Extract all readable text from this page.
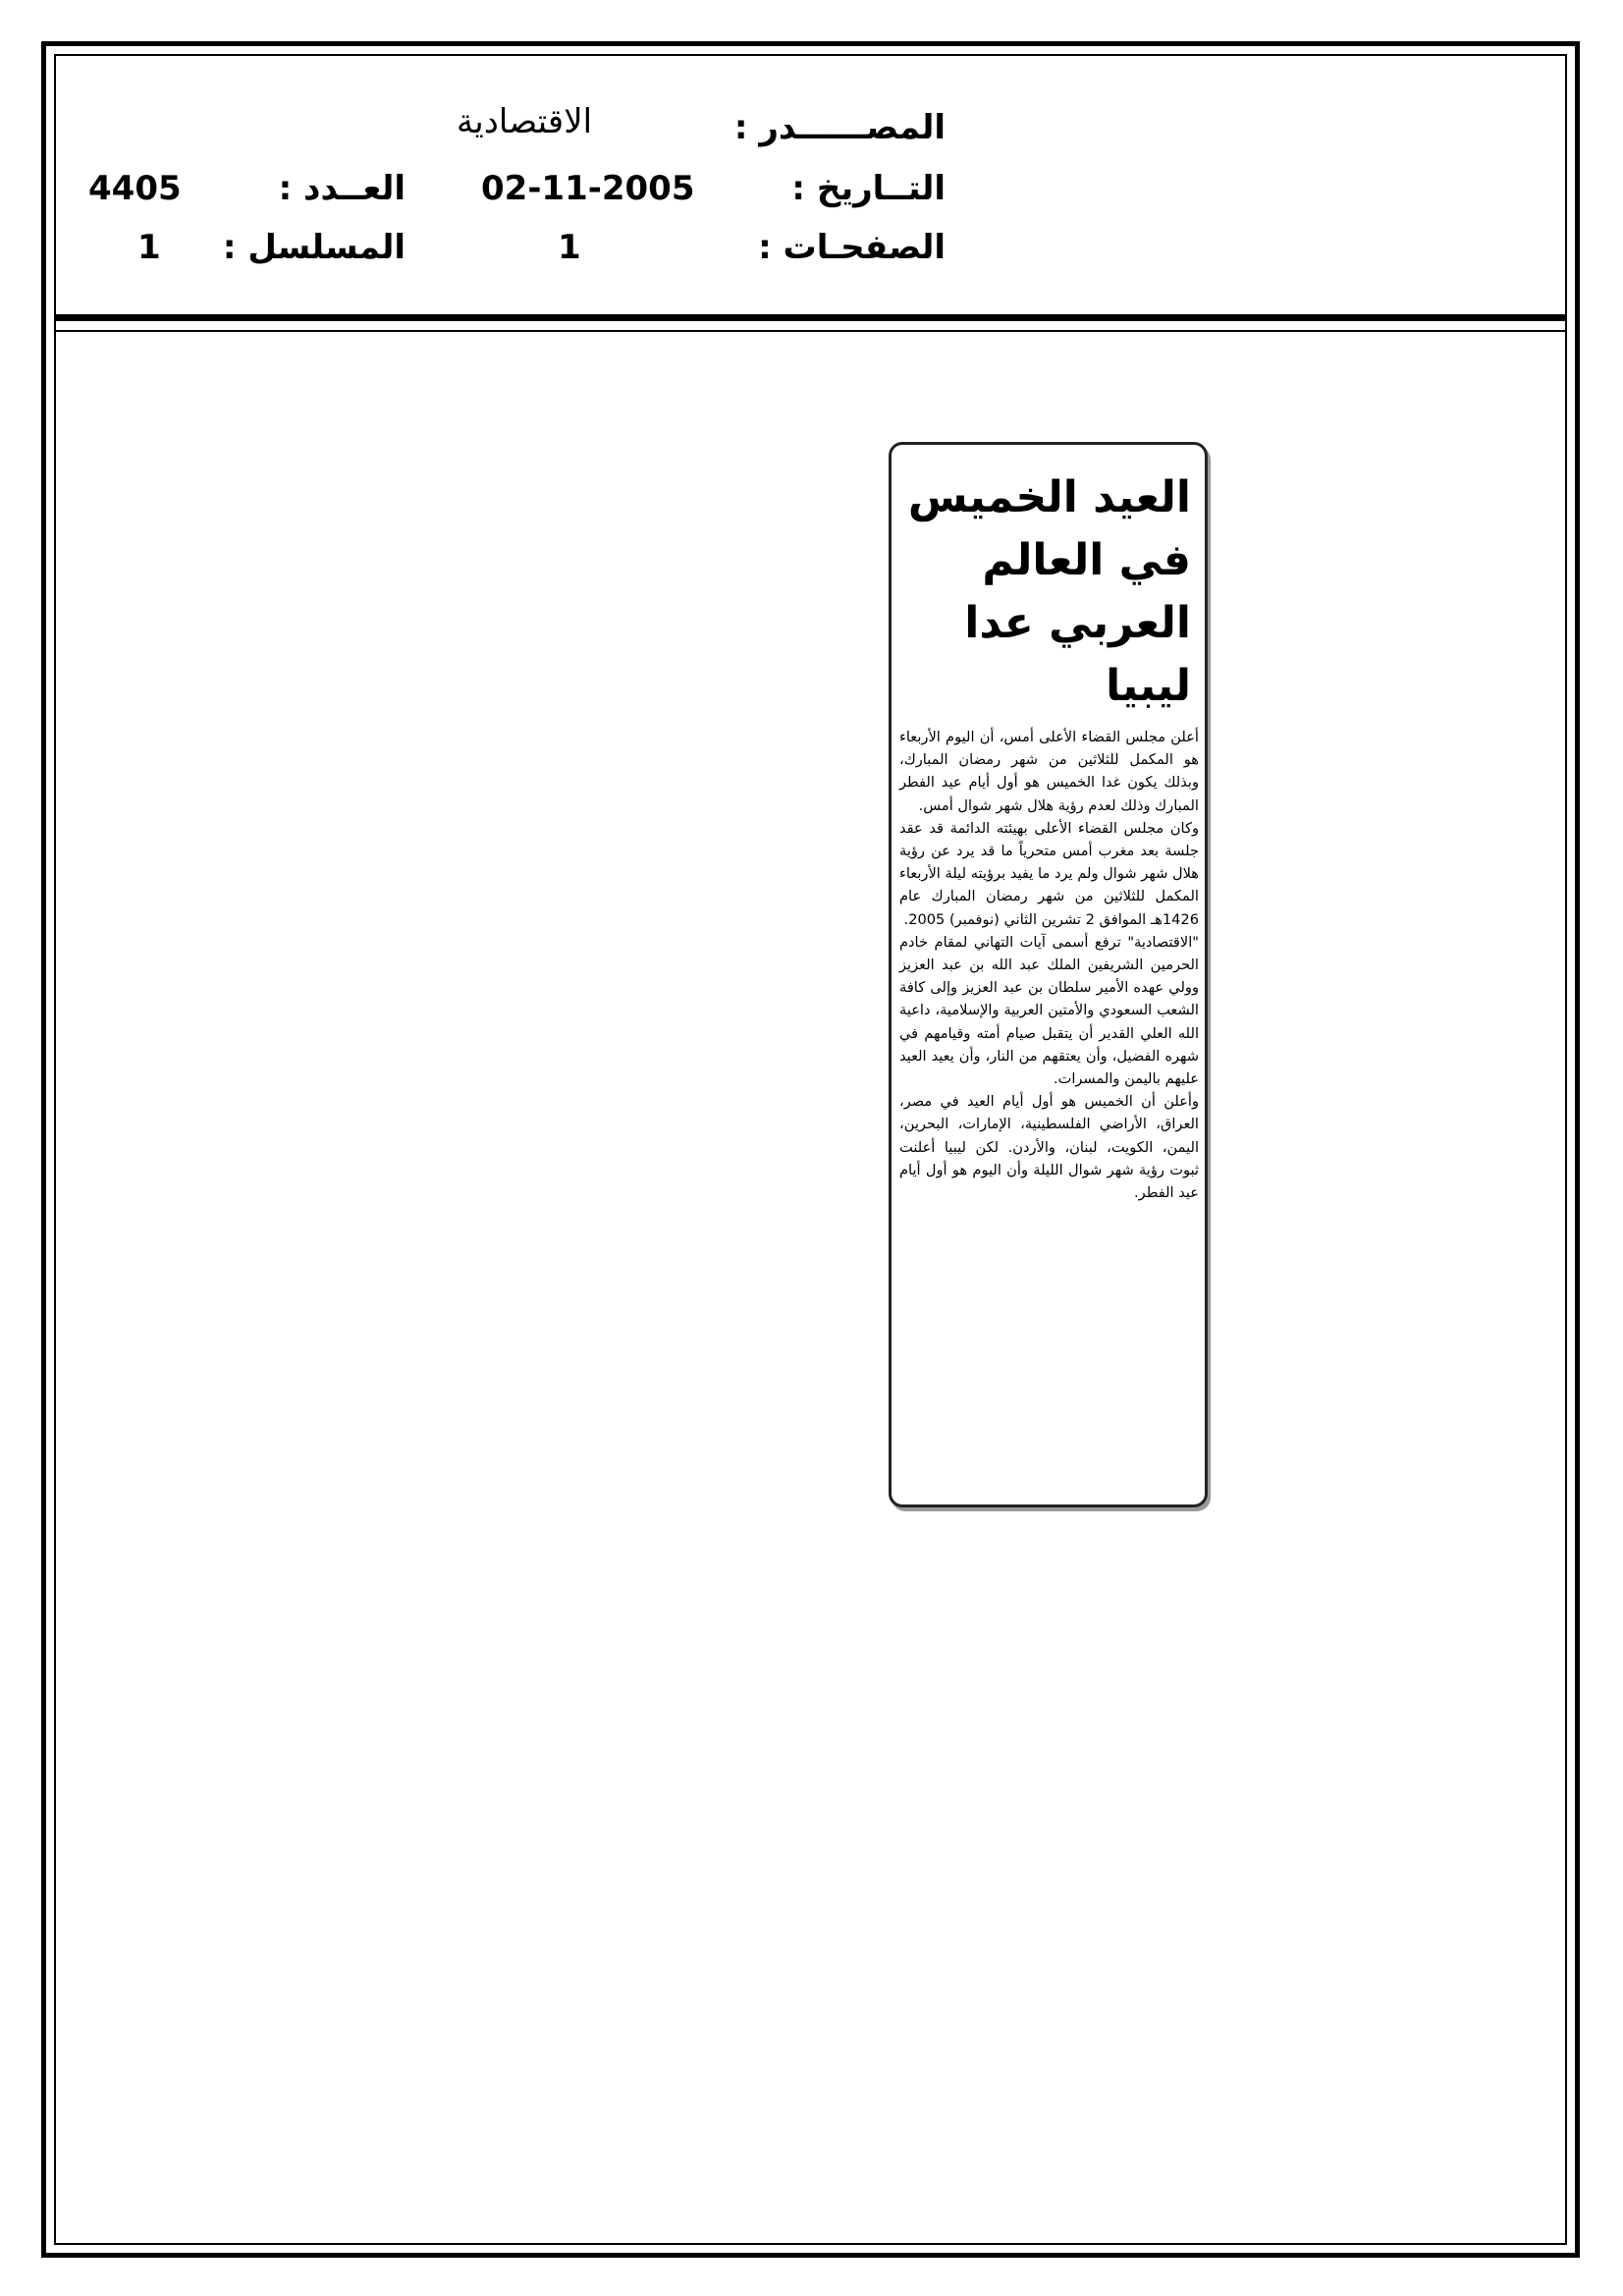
المصــــــدر :
الاقتصادية
التــاريخ :
02-11-2005
العــدد :
4405
الصفحـات :
1
المسلسل :
1
العيد الخميس في العالم العربي عدا ليبيا

أعلن مجلس القضاء الأعلى أمس، أن اليوم الأربعاء هو المكمل للثلاثين من شهر رمضان المبارك، وبذلك يكون غدا الخميس هو أول أيام عيد الفطر المبارك وذلك لعدم رؤية هلال شهر شوال أمس.

وكان مجلس القضاء الأعلى بهيئته الدائمة قد عقد جلسة بعد مغرب أمس متحرياً ما قد يرد عن رؤية هلال شهر شوال ولم يرد ما يفيد برؤيته ليلة الأربعاء المكمل للثلاثين من شهر رمضان المبارك عام 1426هـ الموافق 2 تشرين الثاني (نوفمبر) 2005.

"الاقتصادية" ترفع أسمى آيات التهاني لمقام خادم الحرمين الشريفين الملك عبد الله بن عبد العزيز وولي عهده الأمير سلطان بن عبد العزيز وإلى كافة الشعب السعودي والأمتين العربية والإسلامية، داعية الله العلي القدير أن يتقبل صيام أمته وقيامهم في شهره الفضيل، وأن يعتقهم من النار، وأن يعيد العيد عليهم باليمن والمسرات.

وأعلن أن الخميس هو أول أيام العيد في مصر، العراق، الأراضي الفلسطينية، الإمارات، البحرين، اليمن، الكويت، لبنان، والأردن. لكن ليبيا أعلنت ثبوت رؤية شهر شوال الليلة وأن اليوم هو أول أيام عيد الفطر.
